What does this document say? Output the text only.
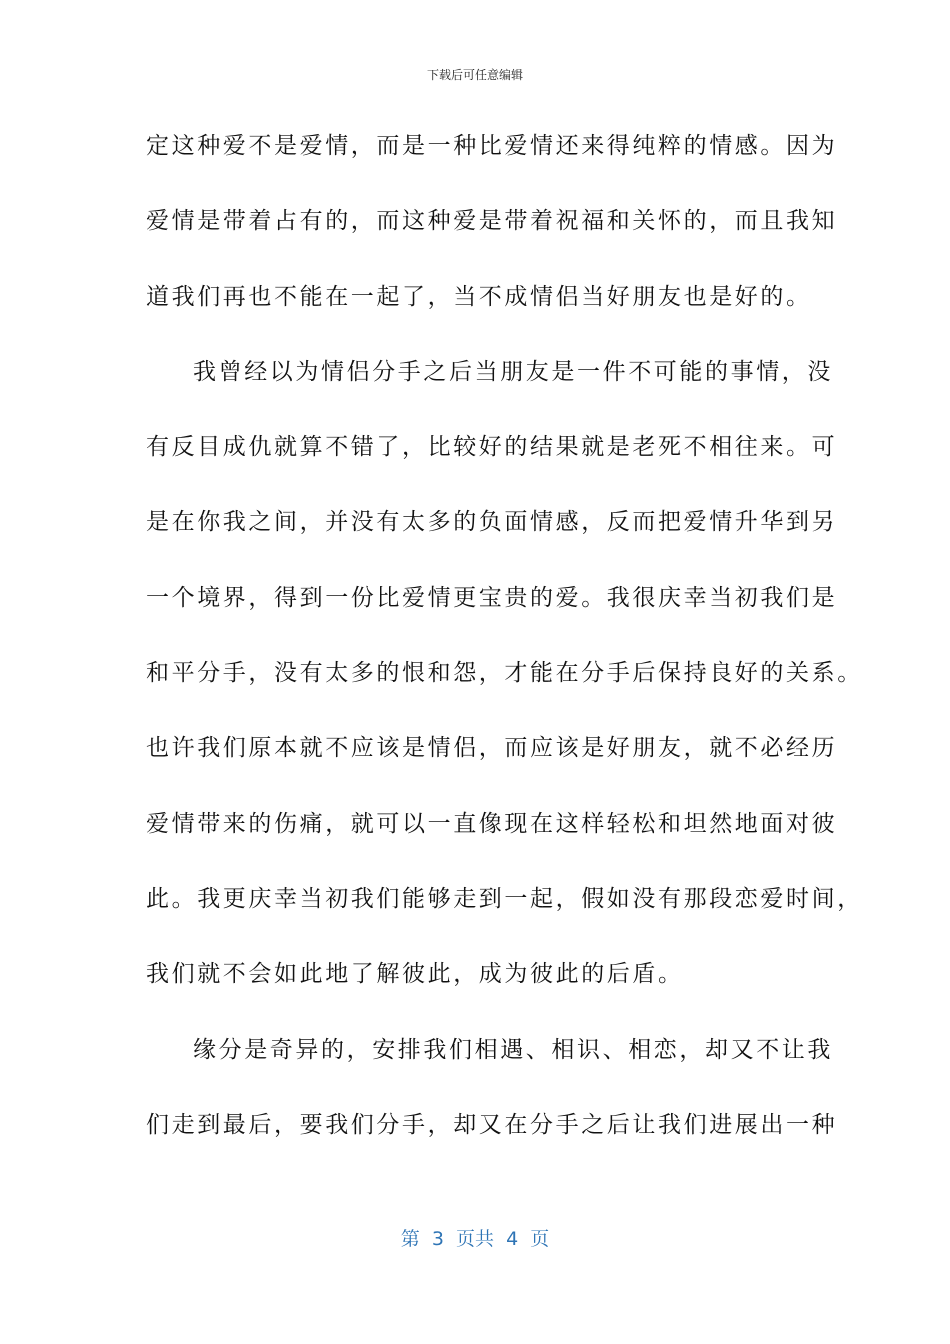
下载后可任意编辑
定这种爱不是爱情，而是一种比爱情还来得纯粹的情感。因为
爱情是带着占有的，而这种爱是带着祝福和关怀的，而且我知
道我们再也不能在一起了，当不成情侣当好朋友也是好的。
我曾经以为情侣分手之后当朋友是一件不可能的事情，没
有反目成仇就算不错了，比较好的结果就是老死不相往来。可
是在你我之间，并没有太多的负面情感，反而把爱情升华到另
一个境界，得到一份比爱情更宝贵的爱。我很庆幸当初我们是
和平分手，没有太多的恨和怨，才能在分手后保持良好的关系。
也许我们原本就不应该是情侣，而应该是好朋友，就不必经历
爱情带来的伤痛，就可以一直像现在这样轻松和坦然地面对彼
此。我更庆幸当初我们能够走到一起，假如没有那段恋爱时间，
我们就不会如此地了解彼此，成为彼此的后盾。
缘分是奇异的，安排我们相遇、相识、相恋，却又不让我
们走到最后，要我们分手，却又在分手之后让我们进展出一种
第  3  页共  4  页
